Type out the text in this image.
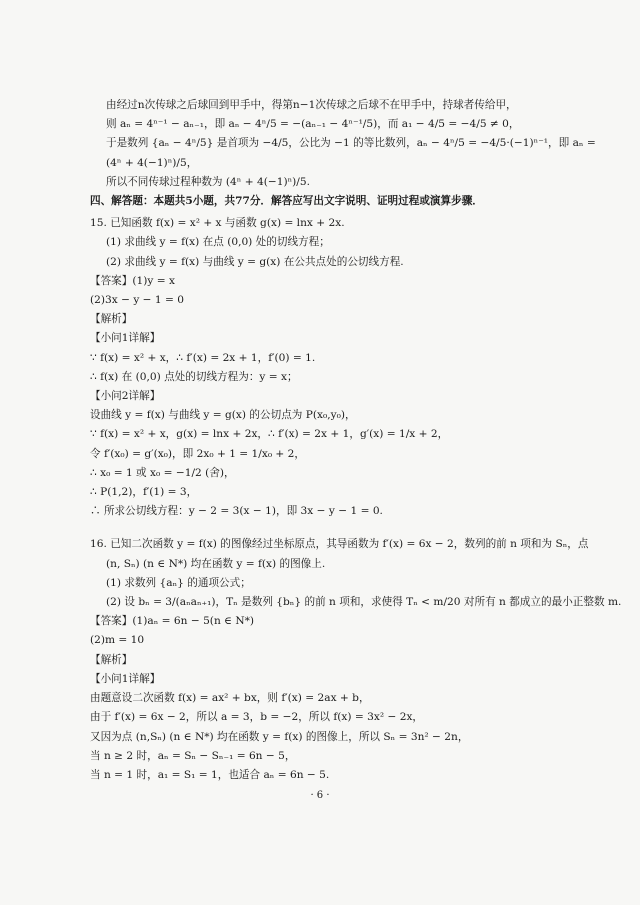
由经过n次传球之后球回到甲手中，得第n−1次传球之后球不在甲手中，持球者传给甲，
则 aₙ = 4ⁿ⁻¹ − aₙ₋₁，即 aₙ − 4ⁿ/5 = −(aₙ₋₁ − 4ⁿ⁻¹/5)，而 a₁ − 4/5 = −4/5 ≠ 0，
于是数列 {aₙ − 4ⁿ/5} 是首项为 −4/5，公比为 −1 的等比数列，aₙ − 4ⁿ/5 = −4/5·(−1)ⁿ⁻¹，即 aₙ =
(4ⁿ + 4(−1)ⁿ)/5，
所以不同传球过程种数为 (4ⁿ + 4(−1)ⁿ)/5.
四、解答题：本题共5小题，共77分．解答应写出文字说明、证明过程或演算步骤．
15. 已知函数 f(x) = x² + x 与函数 g(x) = lnx + 2x.
(1) 求曲线 y = f(x) 在点 (0,0) 处的切线方程；
(2) 求曲线 y = f(x) 与曲线 y = g(x) 在公共点处的公切线方程.
【答案】(1)y = x
(2)3x − y − 1 = 0
【解析】
【小问1详解】
∵ f(x) = x² + x，∴ f′(x) = 2x + 1，f′(0) = 1.
∴ f(x) 在 (0,0) 点处的切线方程为：y = x；
【小问2详解】
设曲线 y = f(x) 与曲线 y = g(x) 的公切点为 P(x₀,y₀)，
∵ f(x) = x² + x，g(x) = lnx + 2x，∴ f′(x) = 2x + 1，g′(x) = 1/x + 2，
令 f′(x₀) = g′(x₀)，即 2x₀ + 1 = 1/x₀ + 2，
∴ x₀ = 1 或 x₀ = −1/2 (舍)，
∴ P(1,2)，f′(1) = 3，
∴ 所求公切线方程：y − 2 = 3(x − 1)，即 3x − y − 1 = 0.
16. 已知二次函数 y = f(x) 的图像经过坐标原点，其导函数为 f′(x) = 6x − 2，数列的前 n 项和为 Sₙ，点
(n, Sₙ) (n ∈ N*) 均在函数 y = f(x) 的图像上.
(1) 求数列 {aₙ} 的通项公式；
(2) 设 bₙ = 3/(aₙaₙ₊₁)，Tₙ 是数列 {bₙ} 的前 n 项和，求使得 Tₙ < m/20 对所有 n 都成立的最小正整数 m.
【答案】(1)aₙ = 6n − 5(n ∈ N*)
(2)m = 10
【解析】
【小问1详解】
由题意设二次函数 f(x) = ax² + bx，则 f′(x) = 2ax + b，
由于 f′(x) = 6x − 2，所以 a = 3，b = −2，所以 f(x) = 3x² − 2x，
又因为点 (n,Sₙ) (n ∈ N*) 均在函数 y = f(x) 的图像上，所以 Sₙ = 3n² − 2n，
当 n ≥ 2 时，aₙ = Sₙ − Sₙ₋₁ = 6n − 5，
当 n = 1 时，a₁ = S₁ = 1，也适合 aₙ = 6n − 5.
· 6 ·
